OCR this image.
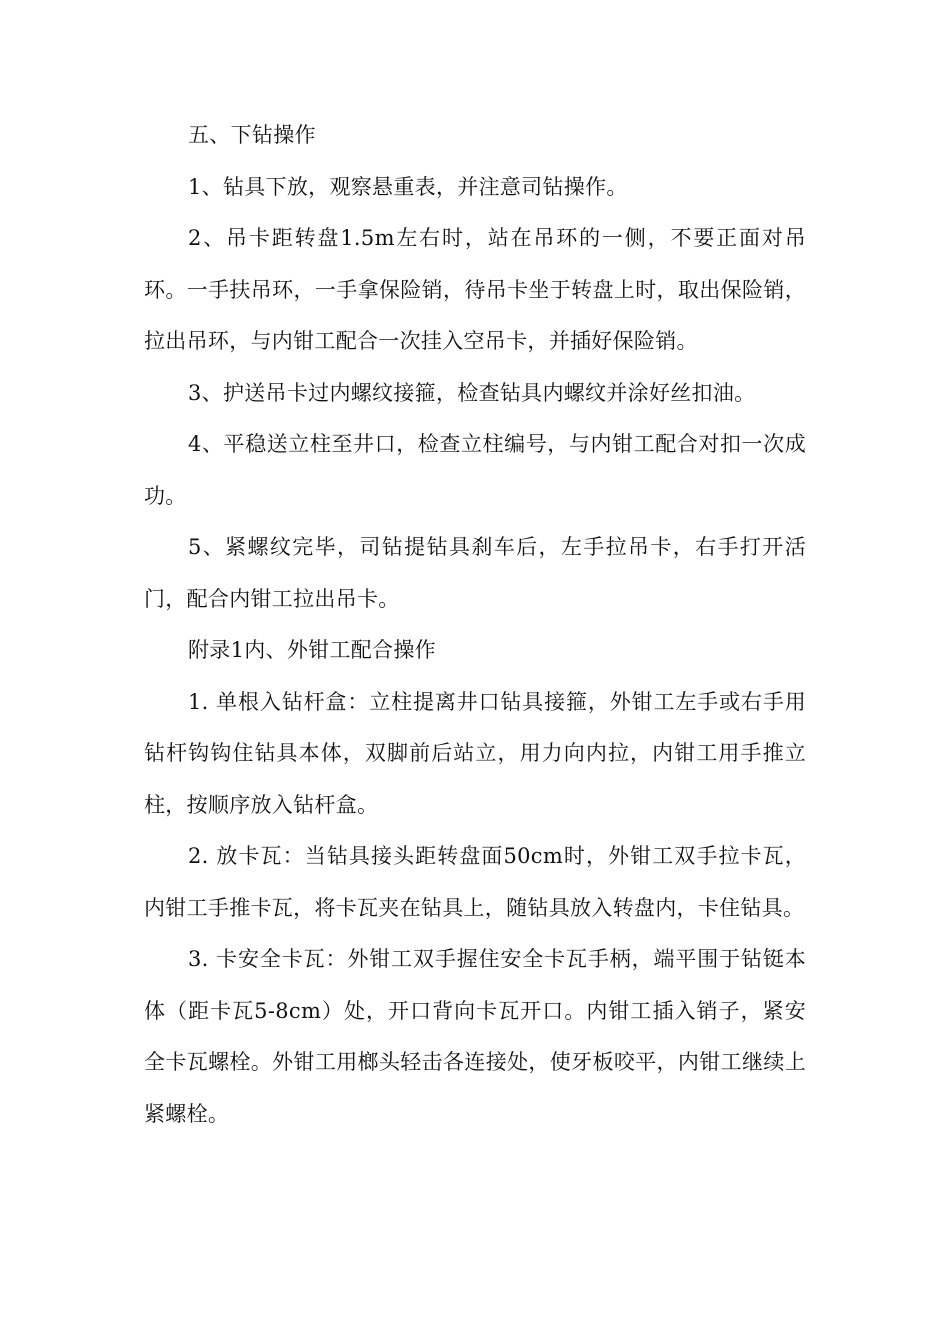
五、下钻操作

1、钻具下放，观察悬重表，并注意司钻操作。

2、吊卡距转盘1.5m左右时，站在吊环的一侧，不要正面对吊环。一手扶吊环，一手拿保险销，待吊卡坐于转盘上时，取出保险销，拉出吊环，与内钳工配合一次挂入空吊卡，并插好保险销。

3、护送吊卡过内螺纹接箍，检查钻具内螺纹并涂好丝扣油。

4、平稳送立柱至井口，检查立柱编号，与内钳工配合对扣一次成功。

5、紧螺纹完毕，司钻提钻具刹车后，左手拉吊卡，右手打开活门，配合内钳工拉出吊卡。

附录1内、外钳工配合操作

1. 单根入钻杆盒：立柱提离井口钻具接箍，外钳工左手或右手用钻杆钩钩住钻具本体，双脚前后站立，用力向内拉，内钳工用手推立柱，按顺序放入钻杆盒。

2. 放卡瓦：当钻具接头距转盘面50cm时，外钳工双手拉卡瓦，内钳工手推卡瓦，将卡瓦夹在钻具上，随钻具放入转盘内，卡住钻具。

3. 卡安全卡瓦：外钳工双手握住安全卡瓦手柄，端平围于钻铤本体（距卡瓦5-8cm）处，开口背向卡瓦开口。内钳工插入销子，紧安全卡瓦螺栓。外钳工用榔头轻击各连接处，使牙板咬平，内钳工继续上紧螺栓。
